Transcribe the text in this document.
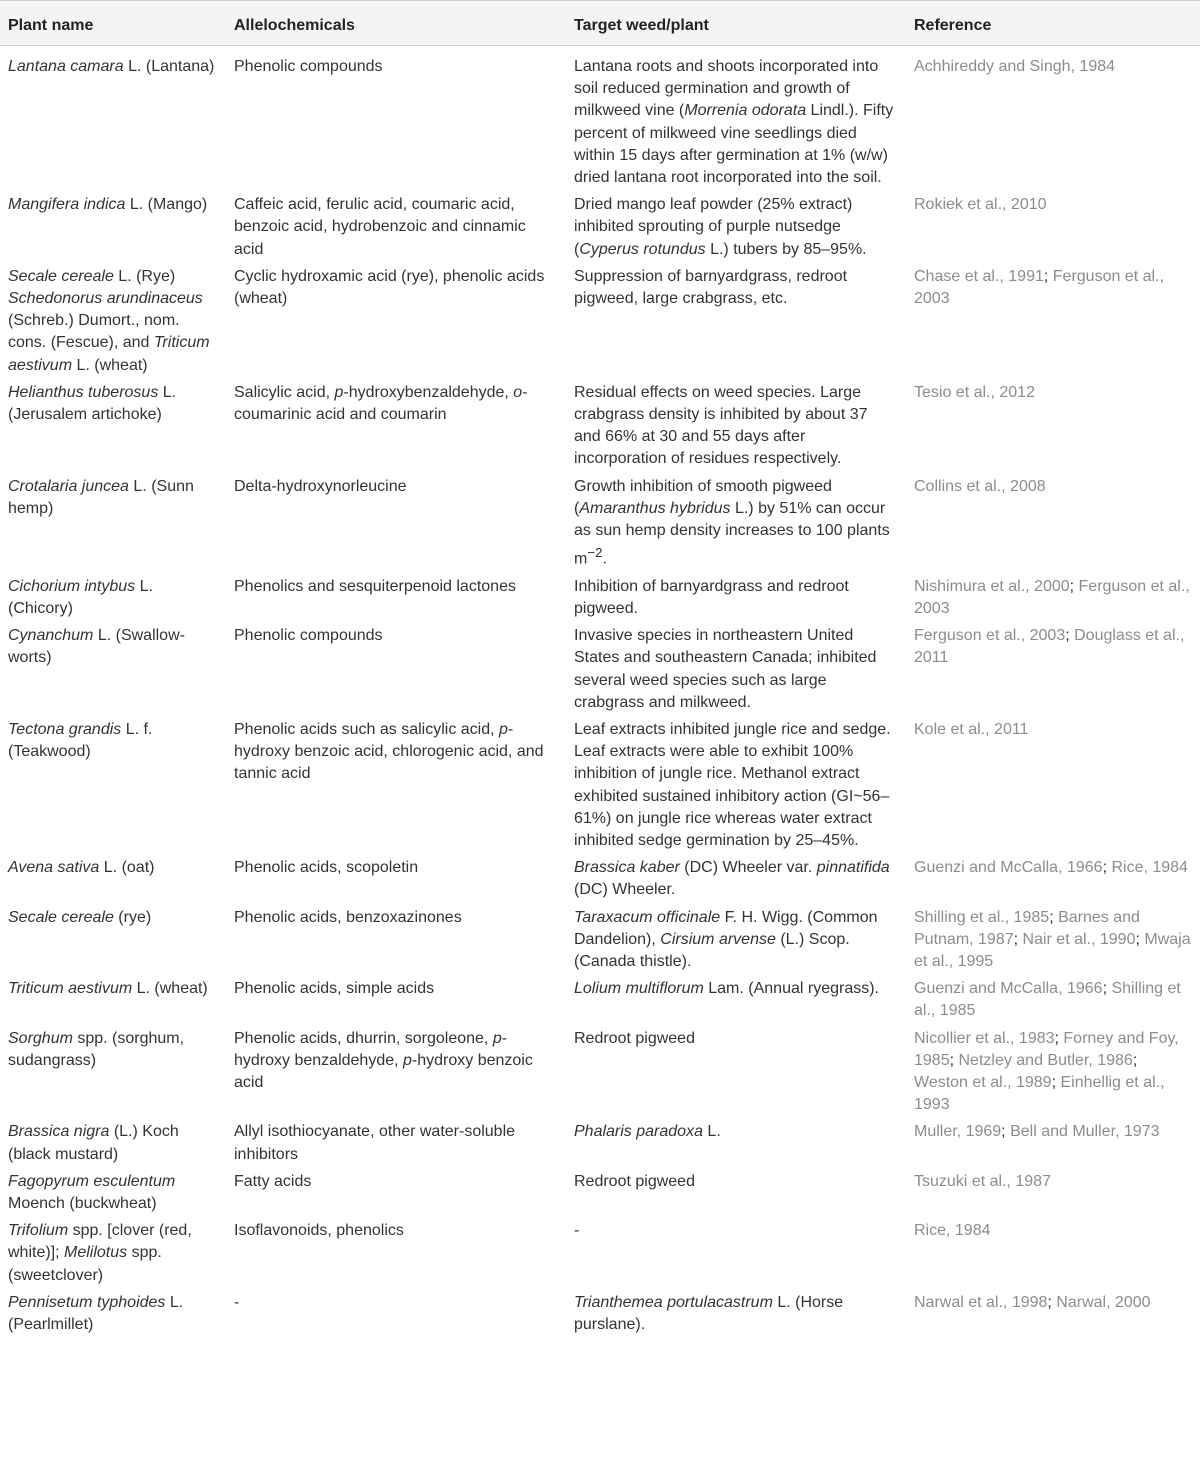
Plant name	Allelochemicals	Target weed/plant	Reference
Lantana camara L. (Lantana)	Phenolic compounds	Lantana roots and shoots incorporated into soil reduced germination and growth of milkweed vine (Morrenia odorata Lindl.). Fifty percent of milkweed vine seedlings died within 15 days after germination at 1% (w/w) dried lantana root incorporated into the soil.	Achhireddy and Singh, 1984
Mangifera indica L. (Mango)	Caffeic acid, ferulic acid, coumaric acid, benzoic acid, hydrobenzoic and cinnamic acid	Dried mango leaf powder (25% extract) inhibited sprouting of purple nutsedge (Cyperus rotundus L.) tubers by 85–95%.	Rokiek et al., 2010
Secale cereale L. (Rye) Schedonorus arundinaceus (Schreb.) Dumort., nom. cons. (Fescue), and Triticum aestivum L. (wheat)	Cyclic hydroxamic acid (rye), phenolic acids (wheat)	Suppression of barnyardgrass, redroot pigweed, large crabgrass, etc.	Chase et al., 1991; Ferguson et al., 2003
Helianthus tuberosus L. (Jerusalem artichoke)	Salicylic acid, p-hydroxybenzaldehyde, o-coumarinic acid and coumarin	Residual effects on weed species. Large crabgrass density is inhibited by about 37 and 66% at 30 and 55 days after incorporation of residues respectively.	Tesio et al., 2012
Crotalaria juncea L. (Sunn hemp)	Delta-hydroxynorleucine	Growth inhibition of smooth pigweed (Amaranthus hybridus L.) by 51% can occur as sun hemp density increases to 100 plants $m^{-2}$.	Collins et al., 2008
Cichorium intybus L. (Chicory)	Phenolics and sesquiterpenoid lactones	Inhibition of barnyardgrass and redroot pigweed.	Nishimura et al., 2000; Ferguson et al., 2003
Cynanchum L. (Swallow-worts)	Phenolic compounds	Invasive species in northeastern United States and southeastern Canada; inhibited several weed species such as large crabgrass and milkweed.	Ferguson et al., 2003; Douglass et al., 2011
Tectona grandis L. f. (Teakwood)	Phenolic acids such as salicylic acid, p-hydroxy benzoic acid, chlorogenic acid, and tannic acid	Leaf extracts inhibited jungle rice and sedge. Leaf extracts were able to exhibit 100% inhibition of jungle rice. Methanol extract exhibited sustained inhibitory action (GI~56–61%) on jungle rice whereas water extract inhibited sedge germination by 25–45%.	Kole et al., 2011
Avena sativa L. (oat)	Phenolic acids, scopoletin	Brassica kaber (DC) Wheeler var. pinnatifida (DC) Wheeler.	Guenzi and McCalla, 1966; Rice, 1984
Secale cereale (rye)	Phenolic acids, benzoxazinones	Taraxacum officinale F. H. Wigg. (Common Dandelion), Cirsium arvense (L.) Scop. (Canada thistle).	Shilling et al., 1985; Barnes and Putnam, 1987; Nair et al., 1990; Mwaja et al., 1995
Triticum aestivum L. (wheat)	Phenolic acids, simple acids	Lolium multiflorum Lam. (Annual ryegrass).	Guenzi and McCalla, 1966; Shilling et al., 1985
Sorghum spp. (sorghum, sudangrass)	Phenolic acids, dhurrin, sorgoleone, p-hydroxy benzaldehyde, p-hydroxy benzoic acid	Redroot pigweed	Nicollier et al., 1983; Forney and Foy, 1985; Netzley and Butler, 1986; Weston et al., 1989; Einhellig et al., 1993
Brassica nigra (L.) Koch (black mustard)	Allyl isothiocyanate, other water-soluble inhibitors	Phalaris paradoxa L.	Muller, 1969; Bell and Muller, 1973
Fagopyrum esculentum Moench (buckwheat)	Fatty acids	Redroot pigweed	Tsuzuki et al., 1987
Trifolium spp. [clover (red, white)]; Melilotus spp. (sweetclover)	Isoflavonoids, phenolics	-	Rice, 1984
Pennisetum typhoides L. (Pearlmillet)	-	Trianthemea portulacastrum L. (Horse purslane).	Narwal et al., 1998; Narwal, 2000
